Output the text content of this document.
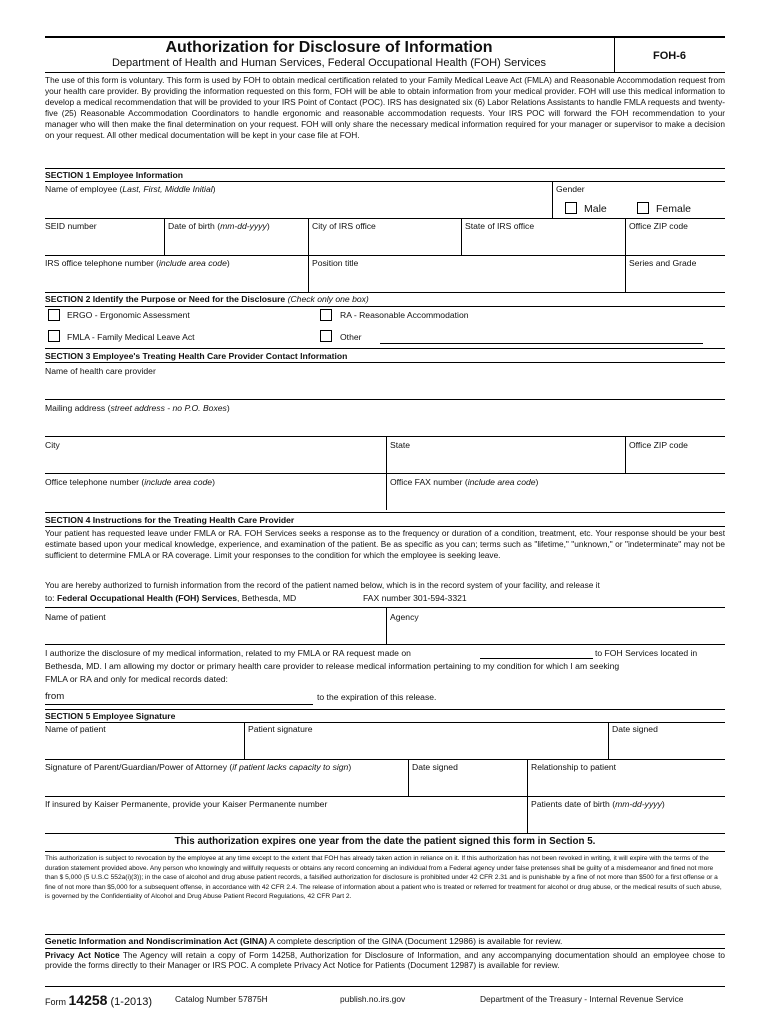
Authorization for Disclosure of Information
Department of Health and Human Services, Federal Occupational Health (FOH) Services
FOH-6
The use of this form is voluntary. This form is used by FOH to obtain medical certification related to your Family Medical Leave Act (FMLA) and Reasonable Accommodation request from your health care provider. By providing the information requested on this form, FOH will be able to obtain information from your medical provider. FOH will use this medical information to develop a medical recommendation that will be provided to your IRS Point of Contact (POC). IRS has designated six (6) Labor Relations Assistants to handle FMLA requests and twenty-five (25) Reasonable Accommodation Coordinators to handle ergonomic and reasonable accommodation requests. Your IRS POC will forward the FOH recommendation to your manager who will then make the final determination on your request. FOH will only share the necessary medical information required for your manager or supervisor to make a decision on your request. All other medical documentation will be kept in your case file at FOH.
SECTION 1 Employee Information
Name of employee (Last, First, Middle Initial)	Gender
Male	Female
SEID number	Date of birth (mm-dd-yyyy)	City of IRS office	State of IRS office	Office ZIP code
IRS office telephone number (include area code)	Position title	Series and Grade
SECTION 2 Identify the Purpose or Need for the Disclosure (Check only one box)
ERGO - Ergonomic Assessment	RA - Reasonable Accommodation
FMLA - Family Medical Leave Act	Other
SECTION 3 Employee's Treating Health Care Provider Contact Information
Name of health care provider
Mailing address (street address - no P.O. Boxes)
City	State	Office ZIP code
Office telephone number (include area code)	Office FAX number (include area code)
SECTION 4 Instructions for the Treating Health Care Provider
Your patient has requested leave under FMLA or RA. FOH Services seeks a response as to the frequency or duration of a condition, treatment, etc. Your response should be your best estimate based upon your medical knowledge, experience, and examination of the patient. Be as specific as you can; terms such as "lifetime," "unknown," or "indeterminate" may not be sufficient to determine FMLA or RA coverage. Limit your responses to the condition for which the employee is seeking leave.
You are hereby authorized to furnish information from the record of the patient named below, which is in the record system of your facility, and release it
to: Federal Occupational Health (FOH) Services, Bethesda, MD	FAX number 301-594-3321
Name of patient	Agency
I authorize the disclosure of my medical information, related to my FMLA or RA request made on	to FOH Services located in
Bethesda, MD. I am allowing my doctor or primary health care provider to release medical information pertaining to my condition for which I am seeking
FMLA or RA and only for medical records dated:
from	to the expiration of this release.
SECTION 5 Employee Signature
Name of patient	Patient signature	Date signed
Signature of Parent/Guardian/Power of Attorney (if patient lacks capacity to sign)	Date signed	Relationship to patient
If insured by Kaiser Permanente, provide your Kaiser Permanente number	Patients date of birth (mm-dd-yyyy)
This authorization expires one year from the date the patient signed this form in Section 5.
This authorization is subject to revocation by the employee at any time except to the extent that FOH has already taken action in reliance on it. If this authorization has not been revoked in writing, it will expire with the terms of the duration statement provided above. Any person who knowingly and willfully requests or obtains any record concerning an individual from a Federal agency under false pretenses shall be guilty of a misdemeanor and fined not more than $ 5,000 (5 U.S.C 552a(i)(3)); in the case of alcohol and drug abuse patient records, a falsified authorization for disclosure is prohibited under 42 CFR 2.31 and is punishable by a fine of not more than $500 for a first offense or a fine of not more than $5,000 for a subsequent offense, in accordance with 42 CFR 2.4. The release of information about a patient who is treated or referred for treatment for alcohol or drug abuse, or the medical results of such abuse, is governed by the Confidentiality of Alcohol and Drug Abuse Patient Record Regulations, 42 CFR Part 2.
Genetic Information and Nondiscrimination Act (GINA) A complete description of the GINA (Document 12986) is available for review.
Privacy Act Notice The Agency will retain a copy of Form 14258, Authorization for Disclosure of Information, and any accompanying documentation should an employee chose to provide the forms directly to their Manager or IRS POC. A complete Privacy Act Notice for Patients (Document 12987) is available for review.
Form 14258 (1-2013)	Catalog Number 57875H	publish.no.irs.gov	Department of the Treasury - Internal Revenue Service
